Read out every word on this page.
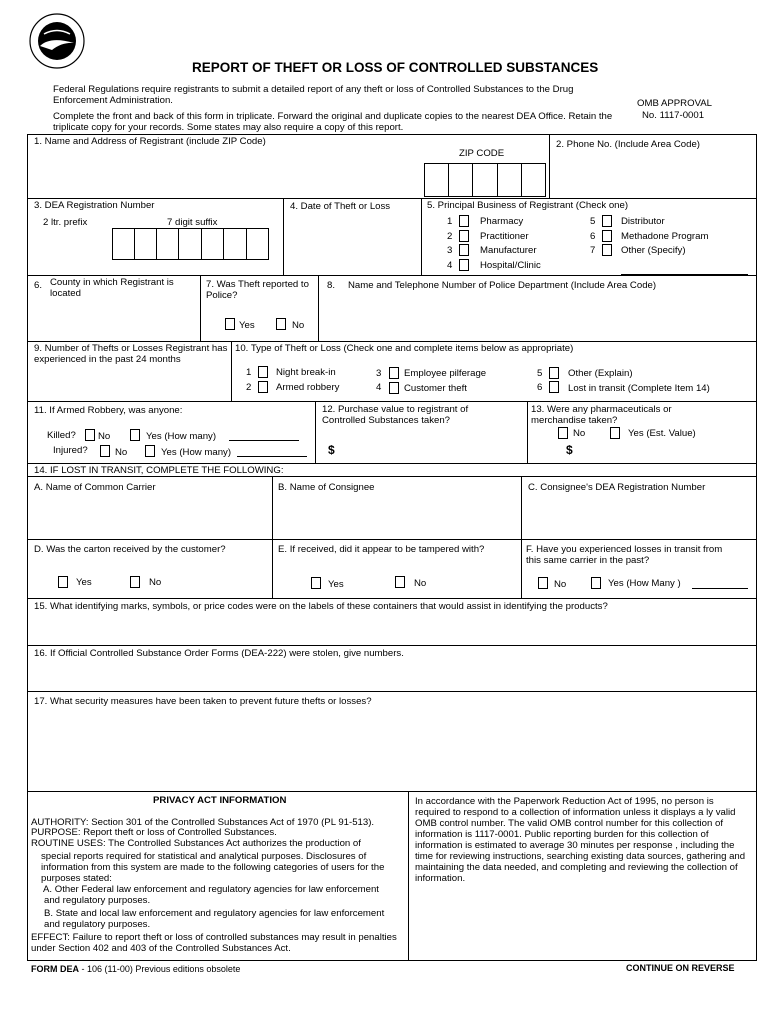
REPORT OF THEFT OR LOSS OF CONTROLLED SUBSTANCES
Federal Regulations require registrants to submit a detailed report of any theft or loss of Controlled Substances to the Drug Enforcement Administration.
Complete the front and back of this form in triplicate. Forward the original and duplicate copies to the nearest DEA Office. Retain the triplicate copy for your records. Some states may also require a copy of this report.
OMB APPROVAL
No. 1117-0001
1. Name and Address of Registrant (include ZIP Code)
ZIP CODE
2. Phone No. (Include Area Code)
3. DEA Registration Number
2 ltr. prefix	7 digit suffix
4. Date of Theft or Loss	5. Principal Business of Registrant (Check one)
1	Pharmacy
2	Practitioner
3	Manufacturer
4	Hospital/Clinic
5	Distributor
6	Methadone Program
7	Other (Specify)
6. County in which Registrant is located
7. Was Theft reported to Police?
Yes	No
8. Name and Telephone Number of Police Department (Include Area Code)
9. Number of Thefts or Losses Registrant has experienced in the past 24 months
10. Type of Theft or Loss (Check one and complete items below as appropriate)
1	Night break-in
2	Armed robbery
3 Employee pilferage
4 Customer theft
5	Other (Explain)
6	Lost in transit (Complete Item 14)
11. If Armed Robbery, was anyone:
Killed? No	Yes (How many)
Injured?	No	Yes (How many)
12. Purchase value to registrant of Controlled Substances taken?
$
13. Were any pharmaceuticals or merchandise taken?
No	Yes (Est. Value)
$
14. IF LOST IN TRANSIT, COMPLETE THE FOLLOWING:
A. Name of Common Carrier	B. Name of Consignee	C. Consignee's DEA Registration Number
D. Was the carton received by the customer?	E. If received, did it appear to be tampered with?	F. Have you experienced losses in transit from this same carrier in the past?
Yes	No	Yes	No	No	Yes (How Many )
15. What identifying marks, symbols, or price codes were on the labels of these containers that would assist in identifying the products?
16. If Official Controlled Substance Order Forms (DEA-222) were stolen, give numbers.
17. What security measures have been taken to prevent future thefts or losses?
PRIVACY ACT INFORMATION
AUTHORITY: Section 301 of the Controlled Substances Act of 1970 (PL 91-513).
PURPOSE: Report theft or loss of Controlled Substances.
ROUTINE USES: The Controlled Substances Act authorizes the production of
special reports required for statistical and analytical purposes. Disclosures of information from this system are made to the following categories of users for the purposes stated:
A. Other Federal law enforcement and regulatory agencies for law enforcement and regulatory purposes.
B. State and local law enforcement and regulatory agencies for law enforcement and regulatory purposes.
EFFECT: Failure to report theft or loss of controlled substances may result in penalties under Section 402 and 403 of the Controlled Substances Act.
In accordance with the Paperwork Reduction Act of 1995, no person is required to respond to a collection of information unless it displays a ly valid OMB control number. The valid OMB control number for this collection of information is 1117-0001. Public reporting burden for this collection of information is estimated to average 30 minutes per response , including the time for reviewing instructions, searching existing data sources, gathering and maintaining the data needed, and completing and reviewing the collection of information.
FORM DEA - 106 (11-00) Previous editions obsolete	CONTINUE ON REVERSE
